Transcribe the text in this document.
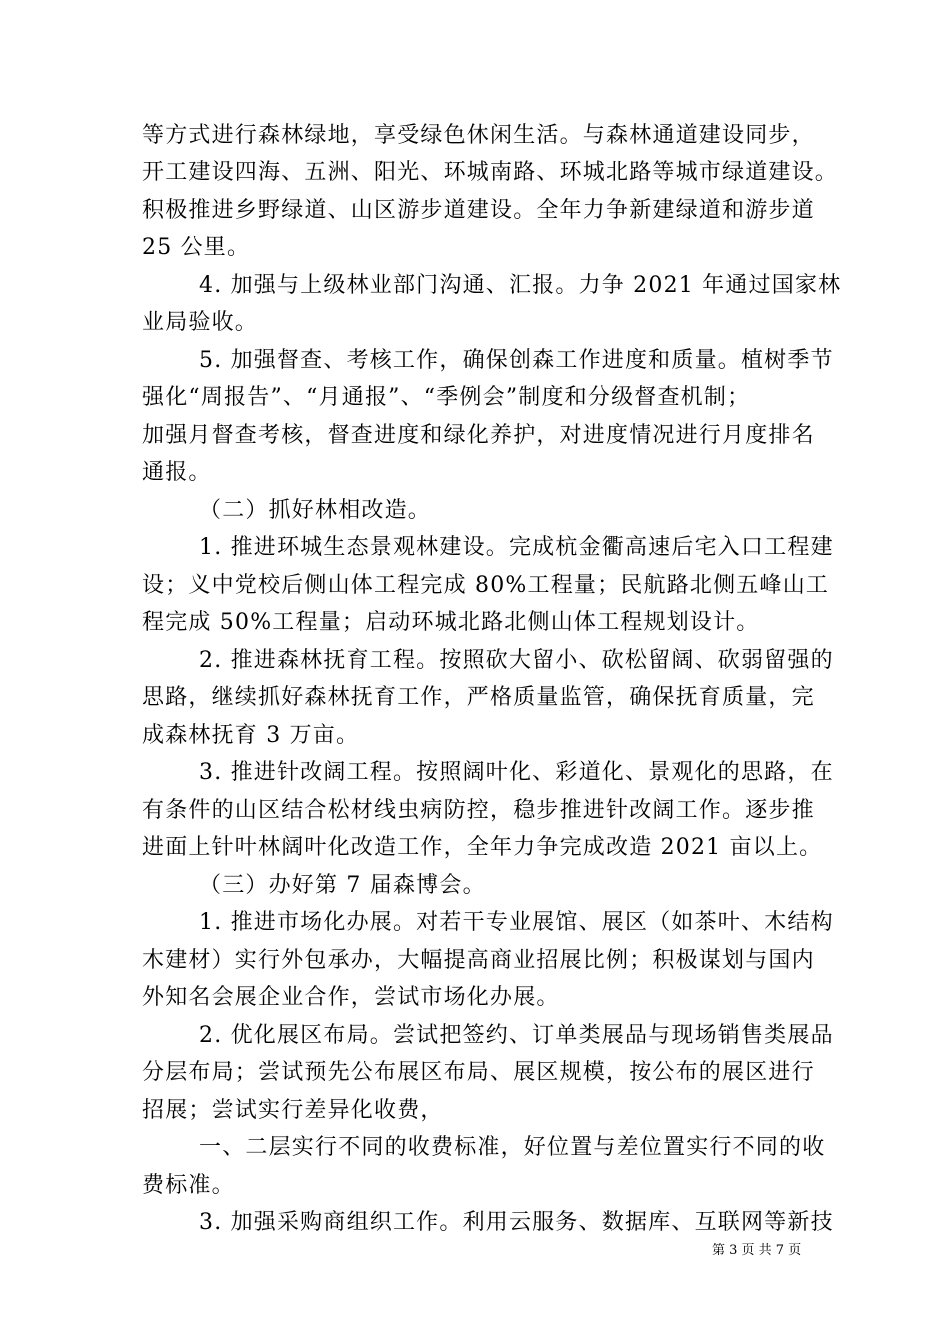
等方式进行森林绿地，享受绿色休闲生活。与森林通道建设同步，
开工建设四海、五洲、阳光、环城南路、环城北路等城市绿道建设。
积极推进乡野绿道、山区游步道建设。全年力争新建绿道和游步道
25 公里。
4. 加强与上级林业部门沟通、汇报。力争 2021 年通过国家林
业局验收。
5. 加强督查、考核工作，确保创森工作进度和质量。植树季节
强化“周报告”、“月通报”、“季例会”制度和分级督查机制；
加强月督查考核，督查进度和绿化养护，对进度情况进行月度排名
通报。
（二）抓好林相改造。
1. 推进环城生态景观林建设。完成杭金衢高速后宅入口工程建
设；义中党校后侧山体工程完成 80%工程量；民航路北侧五峰山工
程完成 50%工程量；启动环城北路北侧山体工程规划设计。
2. 推进森林抚育工程。按照砍大留小、砍松留阔、砍弱留强的
思路，继续抓好森林抚育工作，严格质量监管，确保抚育质量，完
成森林抚育 3 万亩。
3. 推进针改阔工程。按照阔叶化、彩道化、景观化的思路，在
有条件的山区结合松材线虫病防控，稳步推进针改阔工作。逐步推
进面上针叶林阔叶化改造工作，全年力争完成改造 2021 亩以上。
（三）办好第 7 届森博会。
1. 推进市场化办展。对若干专业展馆、展区（如茶叶、木结构
木建材）实行外包承办，大幅提高商业招展比例；积极谋划与国内
外知名会展企业合作，尝试市场化办展。
2. 优化展区布局。尝试把签约、订单类展品与现场销售类展品
分层布局；尝试预先公布展区布局、展区规模，按公布的展区进行
招展；尝试实行差异化收费，
一、二层实行不同的收费标准，好位置与差位置实行不同的收
费标准。
3. 加强采购商组织工作。利用云服务、数据库、互联网等新技
第 3 页 共 7 页
